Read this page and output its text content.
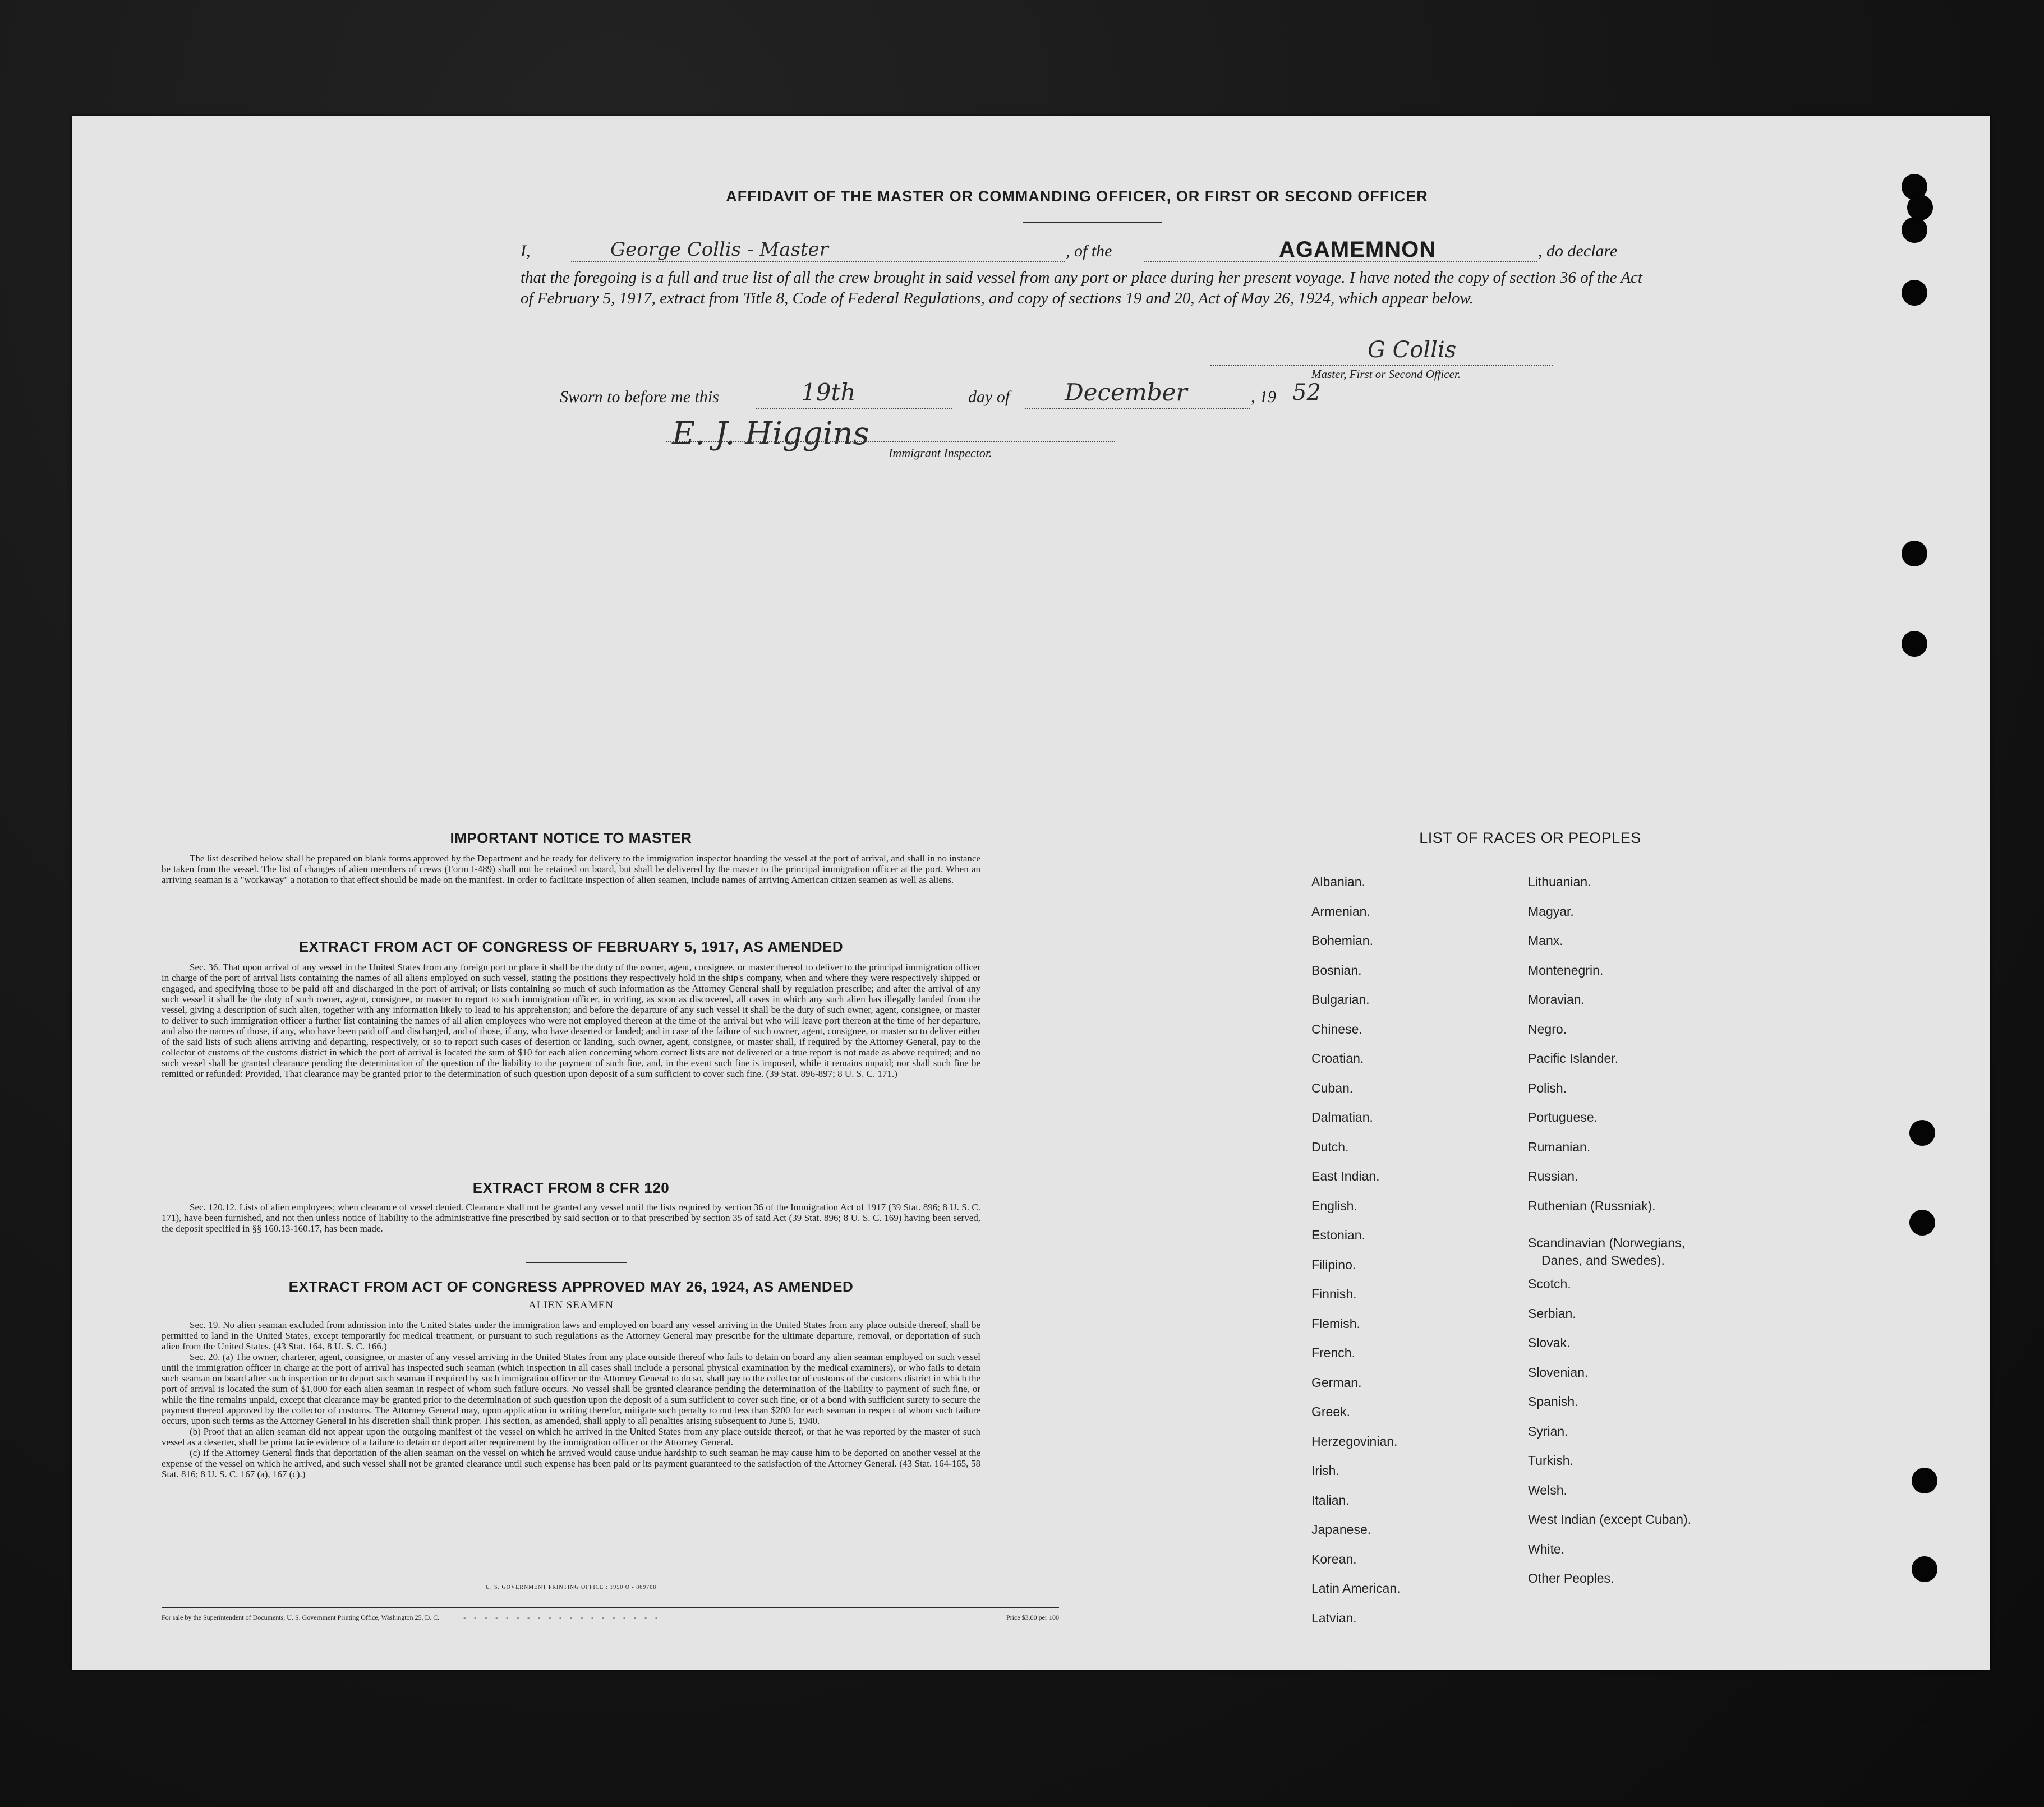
AFFIDAVIT OF THE MASTER OR COMMANDING OFFICER, OR FIRST OR SECOND OFFICER
I,	George Collis - Master	, of the	AGAMEMNON	, do declare
that the foregoing is a full and true list of all the crew brought in said vessel from any port or place during her present voyage. I have noted the copy of section 36 of the Act of February 5, 1917, extract from Title 8, Code of Federal Regulations, and copy of sections 19 and 20, Act of May 26, 1924, which appear below.
G Collis
Master, First or Second Officer.
Sworn to before me this	19th	day of December	, 19 52
E. J. Higgins
Immigrant Inspector.
IMPORTANT NOTICE TO MASTER
The list described below shall be prepared on blank forms approved by the Department and be ready for delivery to the immigration inspector boarding the vessel at the port of arrival, and shall in no instance be taken from the vessel. The list of changes of alien members of crews (Form I-489) shall not be retained on board, but shall be delivered by the master to the principal immigration officer at the port. When an arriving seaman is a "workaway" a notation to that effect should be made on the manifest. In order to facilitate inspection of alien seamen, include names of arriving American citizen seamen as well as aliens.
EXTRACT FROM ACT OF CONGRESS OF FEBRUARY 5, 1917, AS AMENDED
Sec. 36. That upon arrival of any vessel in the United States from any foreign port or place it shall be the duty of the owner, agent, consignee, or master thereof to deliver to the principal immigration officer in charge of the port of arrival lists containing the names of all aliens employed on such vessel, stating the positions they respectively hold in the ship's company, when and where they were respectively shipped or engaged, and specifying those to be paid off and discharged in the port of arrival; or lists containing so much of such information as the Attorney General shall by regulation prescribe; and after the arrival of any such vessel it shall be the duty of such owner, agent, consignee, or master to report to such immigration officer, in writing, as soon as discovered, all cases in which any such alien has illegally landed from the vessel, giving a description of such alien, together with any information likely to lead to his apprehension; and before the departure of any such vessel it shall be the duty of such owner, agent, consignee, or master to deliver to such immigration officer a further list containing the names of all alien employees who were not employed thereon at the time of the arrival but who will leave port thereon at the time of her departure, and also the names of those, if any, who have been paid off and discharged, and of those, if any, who have deserted or landed; and in case of the failure of such owner, agent, consignee, or master so to deliver either of the said lists of such aliens arriving and departing, respectively, or so to report such cases of desertion or landing, such owner, agent, consignee, or master shall, if required by the Attorney General, pay to the collector of customs of the customs district in which the port of arrival is located the sum of $10 for each alien concerning whom correct lists are not delivered or a true report is not made as above required; and no such vessel shall be granted clearance pending the determination of the question of the liability to the payment of such fine, and, in the event such fine is imposed, while it remains unpaid; nor shall such fine be remitted or refunded: Provided, That clearance may be granted prior to the determination of such question upon deposit of a sum sufficient to cover such fine. (39 Stat. 896-897; 8 U. S. C. 171.)
EXTRACT FROM 8 CFR 120
Sec. 120.12. Lists of alien employees; when clearance of vessel denied. Clearance shall not be granted any vessel until the lists required by section 36 of the Immigration Act of 1917 (39 Stat. 896; 8 U. S. C. 171), have been furnished, and not then unless notice of liability to the administrative fine prescribed by said section or to that prescribed by section 35 of said Act (39 Stat. 896; 8 U. S. C. 169) having been served, the deposit specified in §§ 160.13-160.17, has been made.
EXTRACT FROM ACT OF CONGRESS APPROVED MAY 26, 1924, AS AMENDED
ALIEN SEAMEN
Sec. 19. No alien seaman excluded from admission into the United States under the immigration laws and employed on board any vessel arriving in the United States from any place outside thereof, shall be permitted to land in the United States, except temporarily for medical treatment, or pursuant to such regulations as the Attorney General may prescribe for the ultimate departure, removal, or deportation of such alien from the United States. (43 Stat. 164, 8 U. S. C. 166.)
Sec. 20. (a) The owner, charterer, agent, consignee, or master of any vessel arriving in the United States from any place outside thereof who fails to detain on board any alien seaman employed on such vessel until the immigration officer in charge at the port of arrival has inspected such seaman (which inspection in all cases shall include a personal physical examination by the medical examiners), or who fails to detain such seaman on board after such inspection or to deport such seaman if required by such immigration officer or the Attorney General to do so, shall pay to the collector of customs of the customs district in which the port of arrival is located the sum of $1,000 for each alien seaman in respect of whom such failure occurs. No vessel shall be granted clearance pending the determination of the liability to payment of such fine, or while the fine remains unpaid, except that clearance may be granted prior to the determination of such question upon the deposit of a sum sufficient to cover such fine, or of a bond with sufficient surety to secure the payment thereof approved by the collector of customs. The Attorney General may, upon application in writing therefor, mitigate such penalty to not less than $200 for each seaman in respect of whom such failure occurs, upon such terms as the Attorney General in his discretion shall think proper. This section, as amended, shall apply to all penalties arising subsequent to June 5, 1940.
(b) Proof that an alien seaman did not appear upon the outgoing manifest of the vessel on which he arrived in the United States from any place outside thereof, or that he was reported by the master of such vessel as a deserter, shall be prima facie evidence of a failure to detain or deport after requirement by the immigration officer or the Attorney General.
(c) If the Attorney General finds that deportation of the alien seaman on the vessel on which he arrived would cause undue hardship to such seaman he may cause him to be deported on another vessel at the expense of the vessel on which he arrived, and such vessel shall not be granted clearance until such expense has been paid or its payment guaranteed to the satisfaction of the Attorney General. (43 Stat. 164-165, 58 Stat. 816; 8 U. S. C. 167 (a), 167 (c).)
U. S. GOVERNMENT PRINTING OFFICE : 1950 O - 869708
For sale by the Superintendent of Documents, U. S. Government Printing Office, Washington 25, D. C.	- - - - - - - - - - - - - - - - - - -	Price $3.00 per 100
LIST OF RACES OR PEOPLES
Albanian.
Armenian.
Bohemian.
Bosnian.
Bulgarian.
Chinese.
Croatian.
Cuban.
Dalmatian.
Dutch.
East Indian.
English.
Estonian.
Filipino.
Finnish.
Flemish.
French.
German.
Greek.
Herzegovinian.
Irish.
Italian.
Japanese.
Korean.
Latin American.
Latvian.
Lithuanian.
Magyar.
Manx.
Montenegrin.
Moravian.
Negro.
Pacific Islander.
Polish.
Portuguese.
Rumanian.
Russian.
Ruthenian (Russniak).
Scandinavian (Norwegians,
Danes, and Swedes).
Scotch.
Serbian.
Slovak.
Slovenian.
Spanish.
Syrian.
Turkish.
Welsh.
West Indian (except Cuban).
White.
Other Peoples.
